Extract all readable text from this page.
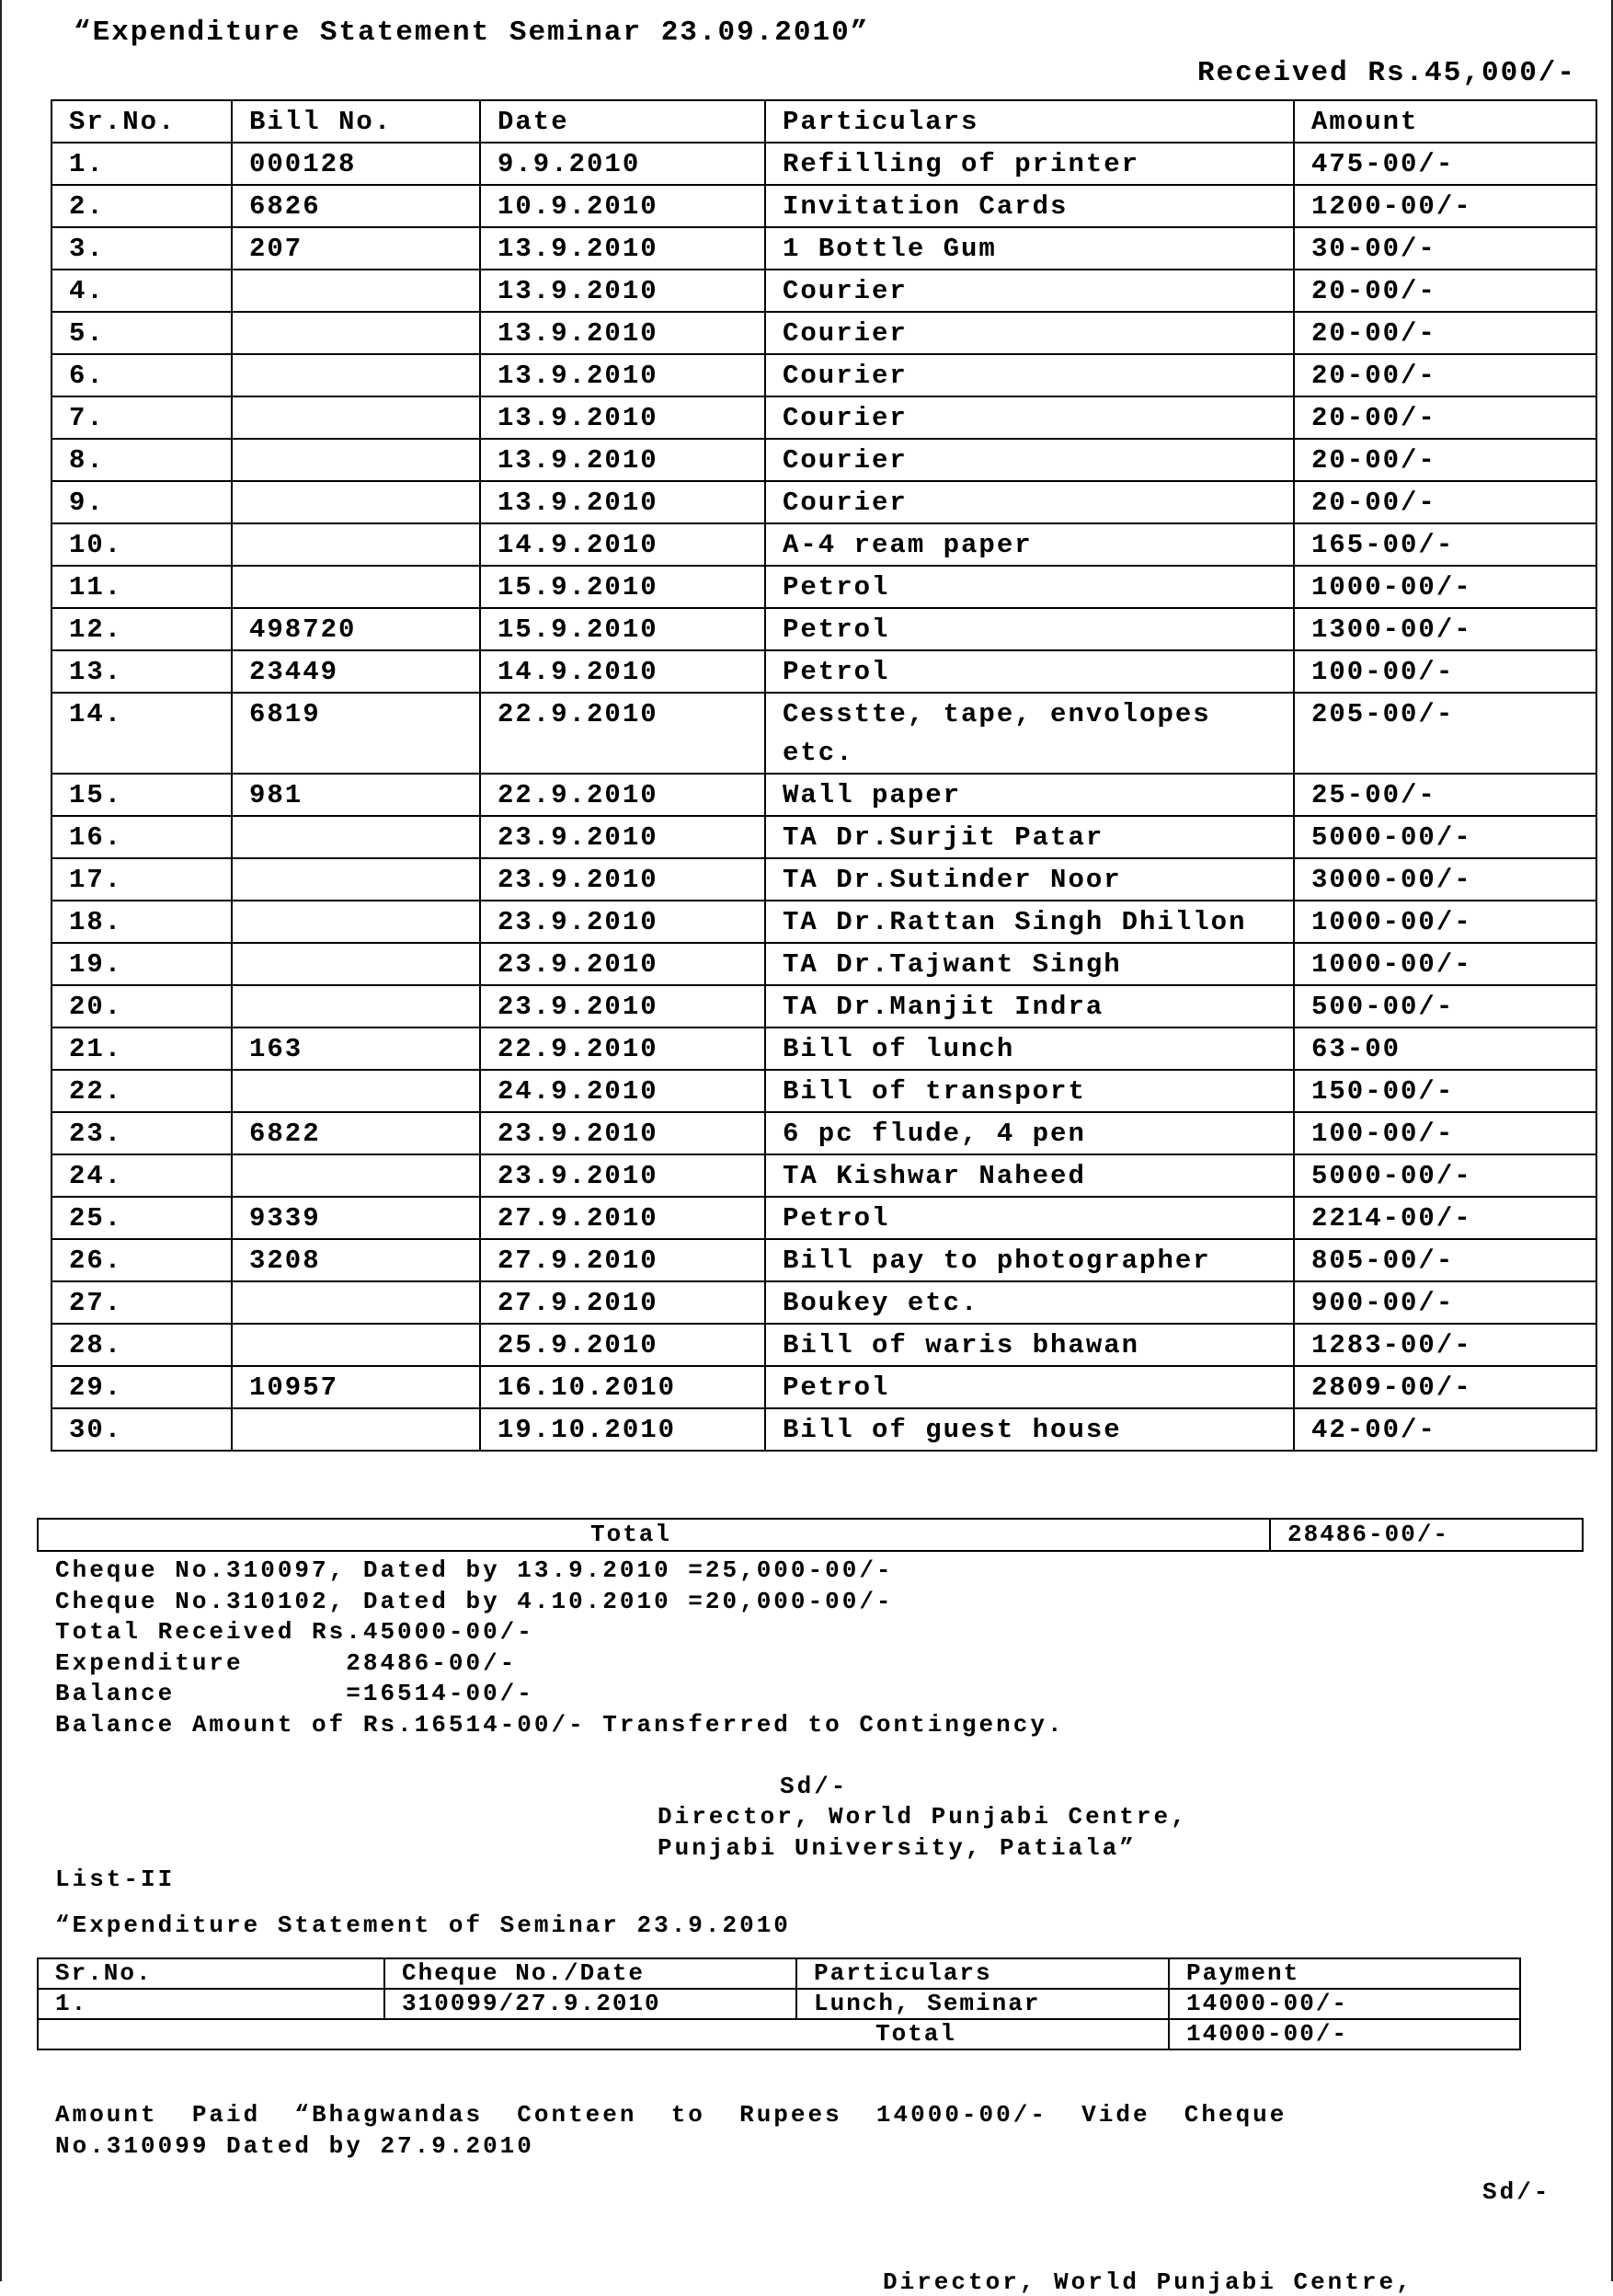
“Expenditure Statement Seminar 23.09.2010”
Received Rs.45,000/-
Sr.No.	Bill No.	Date	Particulars	Amount
1.	000128	9.9.2010	Refilling of printer	475-00/-
2.	6826	10.9.2010	Invitation Cards	1200-00/-
3.	207	13.9.2010	1 Bottle Gum	30-00/-
4.		13.9.2010	Courier	20-00/-
5.		13.9.2010	Courier	20-00/-
6.		13.9.2010	Courier	20-00/-
7.		13.9.2010	Courier	20-00/-
8.		13.9.2010	Courier	20-00/-
9.		13.9.2010	Courier	20-00/-
10.		14.9.2010	A-4 ream paper	165-00/-
11.		15.9.2010	Petrol	1000-00/-
12.	498720	15.9.2010	Petrol	1300-00/-
13.	23449	14.9.2010	Petrol	100-00/-
14.	6819	22.9.2010	Cesstte, tape, envolopes etc.	205-00/-
15.	981	22.9.2010	Wall paper	25-00/-
16.		23.9.2010	TA Dr.Surjit Patar	5000-00/-
17.		23.9.2010	TA Dr.Sutinder Noor	3000-00/-
18.		23.9.2010	TA Dr.Rattan Singh Dhillon	1000-00/-
19.		23.9.2010	TA Dr.Tajwant Singh	1000-00/-
20.		23.9.2010	TA Dr.Manjit Indra	500-00/-
21.	163	22.9.2010	Bill of lunch	63-00
22.		24.9.2010	Bill of transport	150-00/-
23.	6822	23.9.2010	6 pc flude, 4 pen	100-00/-
24.		23.9.2010	TA Kishwar Naheed	5000-00/-
25.	9339	27.9.2010	Petrol	2214-00/-
26.	3208	27.9.2010	Bill pay to photographer	805-00/-
27.		27.9.2010	Boukey etc.	900-00/-
28.		25.9.2010	Bill of waris bhawan	1283-00/-
29.	10957	16.10.2010	Petrol	2809-00/-
30.		19.10.2010	Bill of guest house	42-00/-
Total	28486-00/-
Cheque No.310097, Dated by 13.9.2010 =25,000-00/-
Cheque No.310102, Dated by 4.10.2010 =20,000-00/-
Total Received Rs.45000-00/-
Expenditure      28486-00/-
Balance          =16514-00/-
Balance Amount of Rs.16514-00/- Transferred to Contingency.
Sd/-
Director, World Punjabi Centre,
Punjabi University, Patiala”
List-II
“Expenditure Statement of Seminar 23.9.2010
Sr.No.	Cheque No./Date	Particulars	Payment
1.	310099/27.9.2010	Lunch, Seminar	14000-00/-
Total			14000-00/-
Amount  Paid  “Bhagwandas  Conteen  to  Rupees  14000-00/-  Vide  Cheque
No.310099 Dated by 27.9.2010
Sd/-
Director, World Punjabi Centre,
